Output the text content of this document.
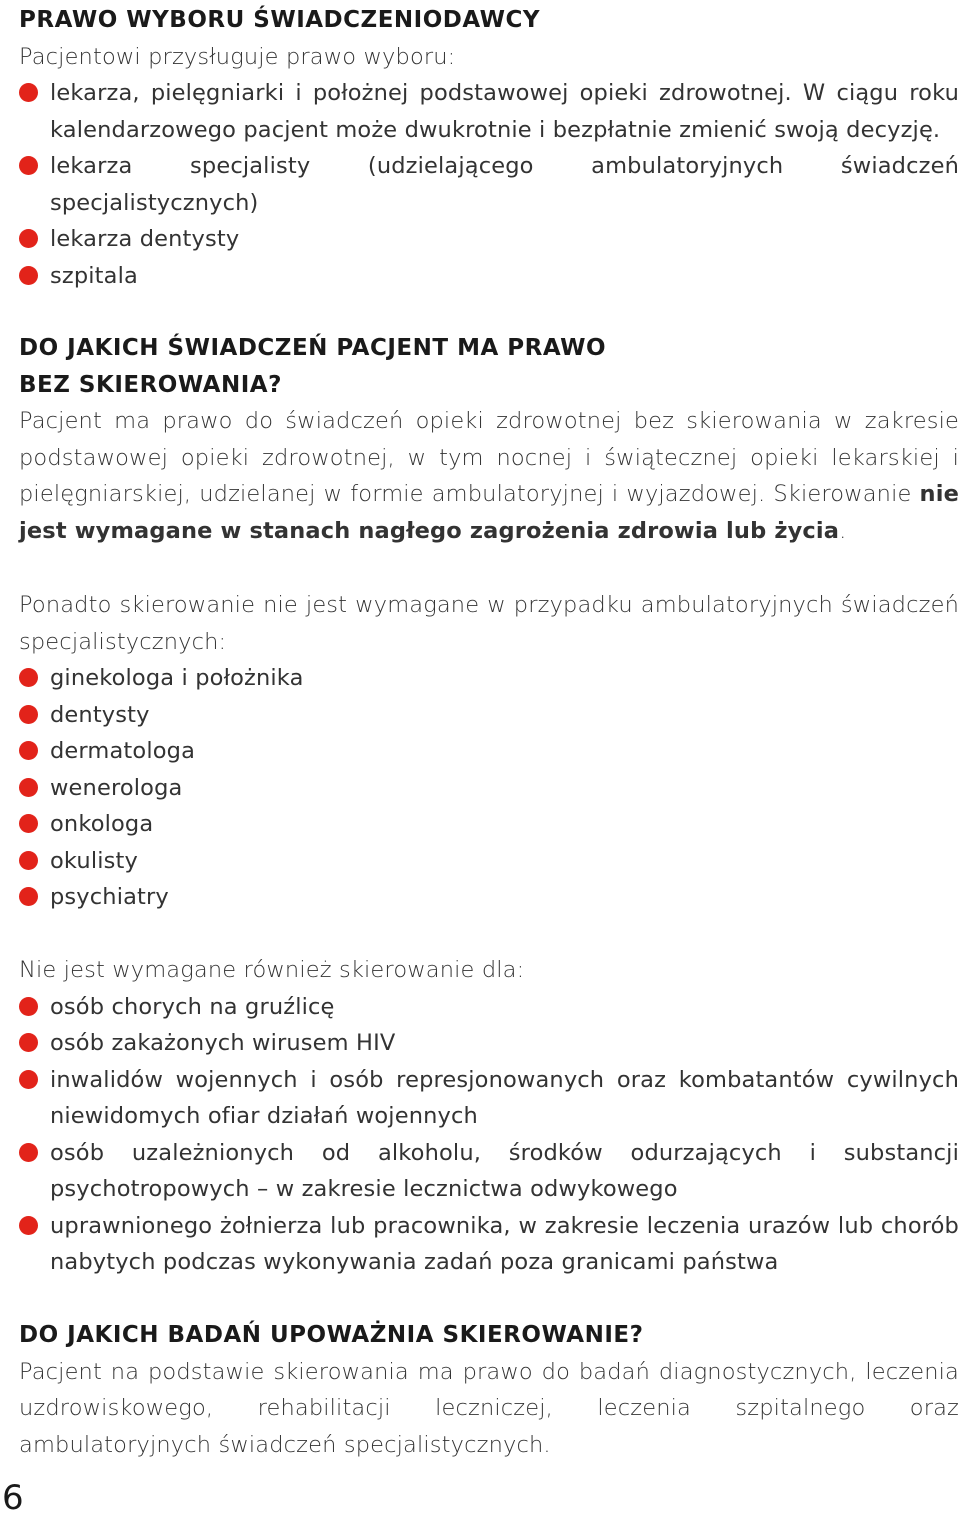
PRAWO WYBORU ŚWIADCZENIODAWCY

Pacjentowi przysługuje prawo wyboru:

lekarza, pielęgniarki i położnej podstawowej opieki zdrowotnej. W ciągu roku kalendarzowego pacjent może dwukrotnie i bezpłatnie zmienić swoją decyzję.
lekarza specjalisty (udzielającego ambulatoryjnych świadczeń specjalistycznych)
lekarza dentysty
szpitala
DO JAKICH ŚWIADCZEŃ PACJENT MA PRAWO
BEZ SKIEROWANIA?

Pacjent ma prawo do świadczeń opieki zdrowotnej bez skierowania w zakresie podstawowej opieki zdrowotnej, w tym nocnej i świątecznej opieki lekarskiej i pielęgniarskiej, udzielanej w formie ambulatoryjnej i wyjazdowej. Skierowanie nie jest wymagane w stanach nagłego zagrożenia zdrowia lub życia.

Ponadto skierowanie nie jest wymagane w przypadku ambulatoryjnych świadczeń specjalistycznych:

ginekologa i położnika
dentysty
dermatologa
wenerologa
onkologa
okulisty
psychiatry

Nie jest wymagane również skierowanie dla:

osób chorych na gruźlicę
osób zakażonych wirusem HIV
inwalidów wojennych i osób represjonowanych oraz kombatantów cywilnych niewidomych ofiar działań wojennych
osób uzależnionych od alkoholu, środków odurzających i substancji psychotropowych – w zakresie lecznictwa odwykowego
uprawnionego żołnierza lub pracownika, w zakresie leczenia urazów lub chorób nabytych podczas wykonywania zadań poza granicami państwa
DO JAKICH BADAŃ UPOWAŻNIA SKIEROWANIE?

Pacjent na podstawie skierowania ma prawo do badań diagnostycznych, leczenia uzdrowiskowego, rehabilitacji leczniczej, leczenia szpitalnego oraz ambulatoryjnych świadczeń specjalistycznych.

6
